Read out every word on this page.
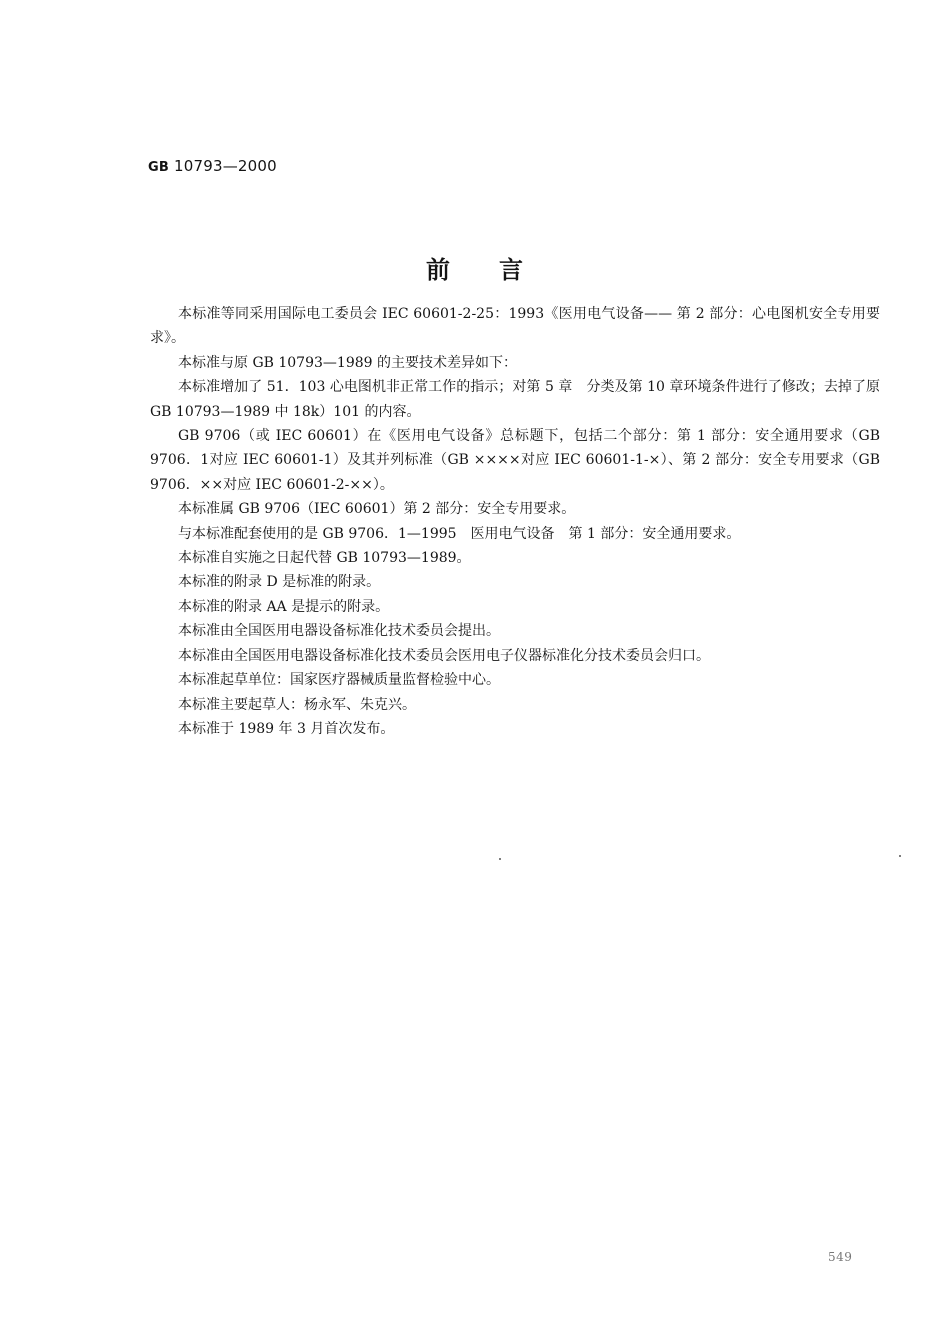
GB 10793—2000
前 言

本标准等同采用国际电工委员会 IEC 60601-2-25：1993《医用电气设备—— 第 2 部分：心电图机安全专用要求》。

本标准与原 GB 10793—1989 的主要技术差异如下：

本标准增加了 51．103 心电图机非正常工作的指示；对第 5 章　分类及第 10 章环境条件进行了修改；去掉了原 GB 10793—1989 中 18k）101 的内容。

GB 9706（或 IEC 60601）在《医用电气设备》总标题下，包括二个部分：第 1 部分：安全通用要求（GB 9706．1对应 IEC 60601-1）及其并列标准（GB ××××对应 IEC 60601-1-×）、第 2 部分：安全专用要求（GB 9706．××对应 IEC 60601-2-××）。

本标准属 GB 9706（IEC 60601）第 2 部分：安全专用要求。

与本标准配套使用的是 GB 9706．1—1995　医用电气设备　第 1 部分：安全通用要求。

本标准自实施之日起代替 GB 10793—1989。

本标准的附录 D 是标准的附录。

本标准的附录 AA 是提示的附录。

本标准由全国医用电器设备标准化技术委员会提出。

本标准由全国医用电器设备标准化技术委员会医用电子仪器标准化分技术委员会归口。

本标准起草单位：国家医疗器械质量监督检验中心。

本标准主要起草人：杨永军、朱克兴。

本标准于 1989 年 3 月首次发布。

549
